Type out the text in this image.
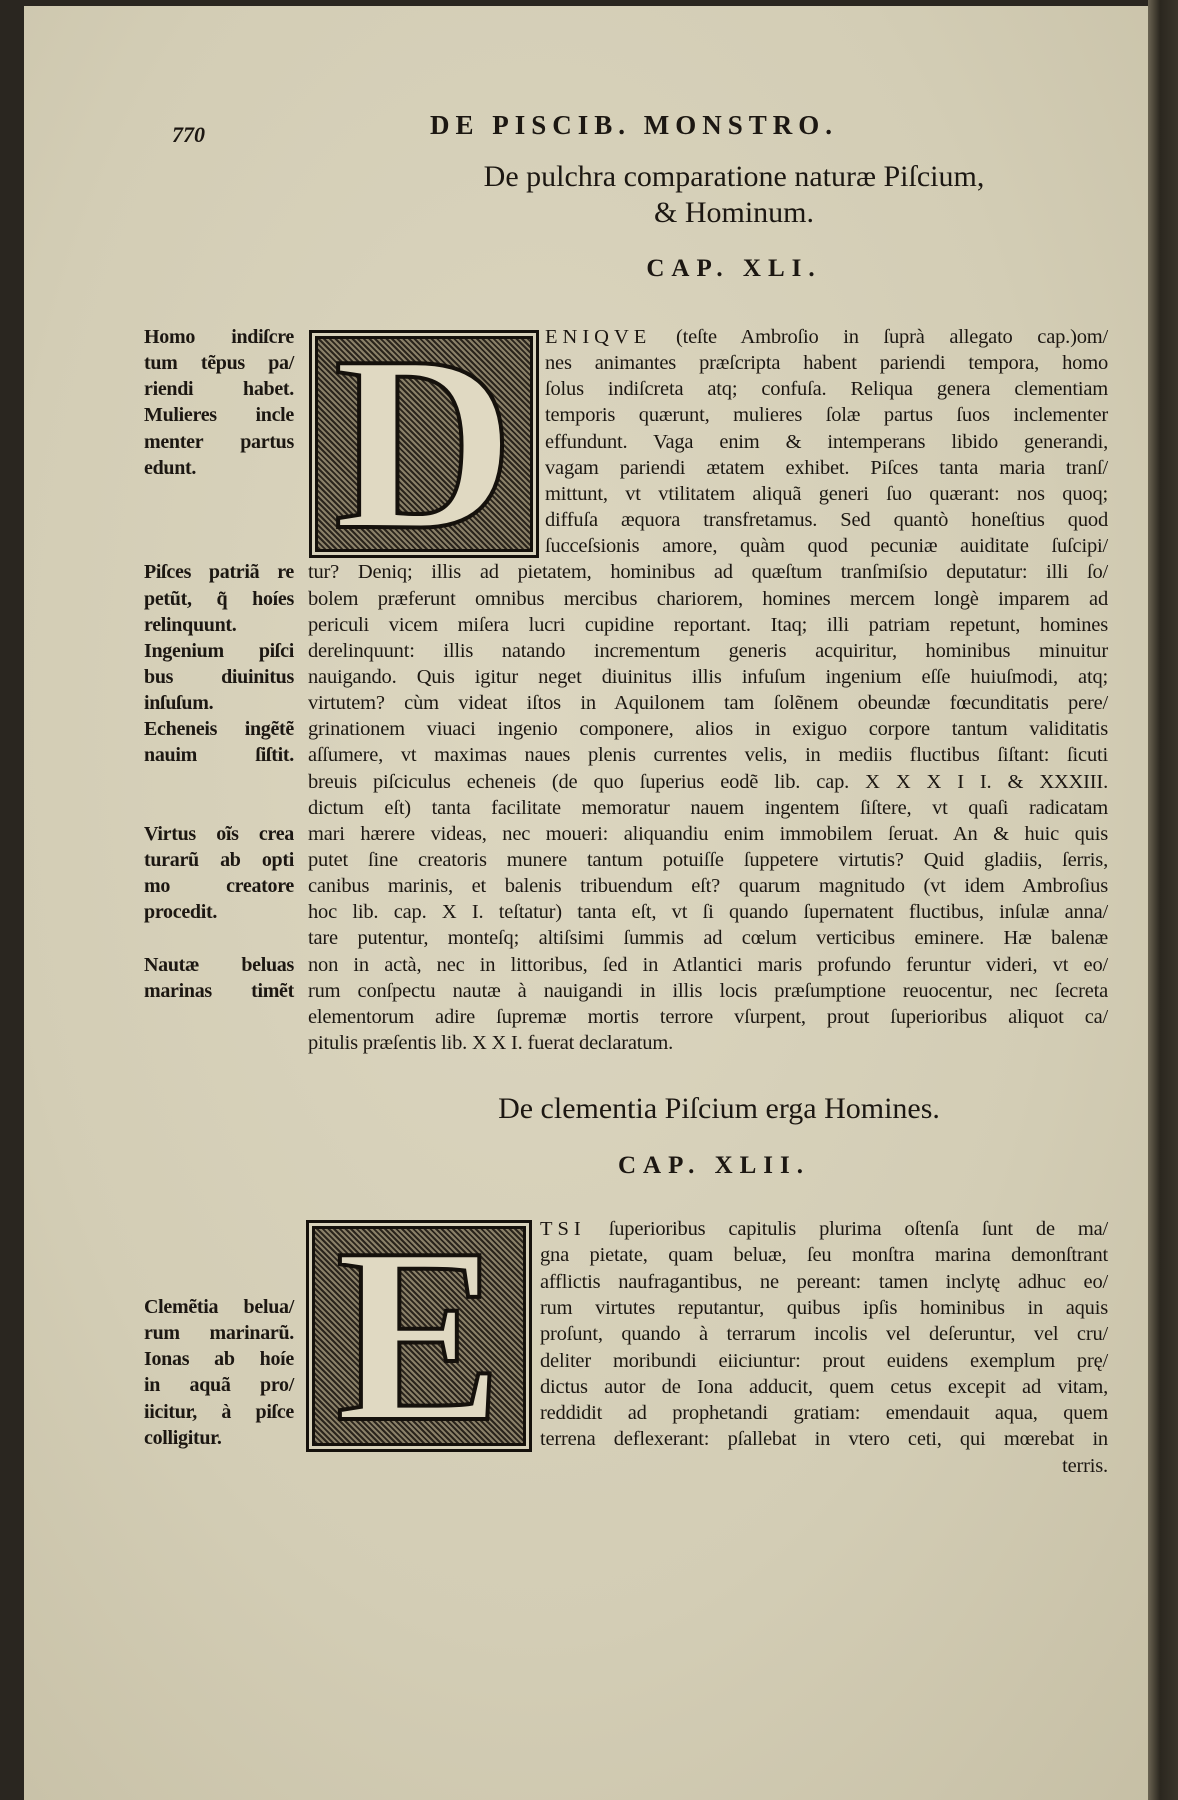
770	DE PISCIB. MONSTRO.
De pulchra comparatione naturæ Piſcium,
& Hominum.
CAP. XLI.
D	ENIQVE (teſte Ambroſio in ſuprà allegato cap.)om/
nes animantes præſcripta habent pariendi tempora, homo
ſolus indiſcreta atq; confuſa. Reliqua genera clementiam
temporis quærunt, mulieres ſolæ partus ſuos inclementer
effundunt. Vaga enim & intemperans libido generandi,
vagam pariendi ætatem exhibet. Piſces tanta maria tranſ/
mittunt, vt vtilitatem aliquã generi ſuo quærant: nos quoq;
diffuſa æquora transfretamus. Sed quantò honeſtius quod
ſucceſsionis amore, quàm quod pecuniæ auiditate ſuſcipi/
tur? Deniq; illis ad pietatem, hominibus ad quæſtum tranſmiſsio deputatur: illi ſo/
bolem præferunt omnibus mercibus chariorem, homines mercem longè imparem ad
periculi vicem miſera lucri cupidine reportant. Itaq; illi patriam repetunt, homines
derelinquunt: illis natando incrementum generis acquiritur, hominibus minuitur
nauigando. Quis igitur neget diuinitus illis infuſum ingenium eſſe huiuſmodi, atq;
virtutem? cùm videat iſtos in Aquilonem tam ſolẽnem obeundæ fœcunditatis pere/
grinationem viuaci ingenio componere, alios in exiguo corpore tantum validitatis
aſſumere, vt maximas naues plenis currentes velis, in mediis fluctibus ſiſtant: ſicuti
breuis piſciculus echeneis (de quo ſuperius eodẽ lib. cap. X X X I I. & XXXIII.
dictum eſt) tanta facilitate memoratur nauem ingentem ſiſtere, vt quaſi radicatam
mari hærere videas, nec moueri: aliquandiu enim immobilem ſeruat. An & huic quis
putet ſine creatoris munere tantum potuiſſe ſuppetere virtutis? Quid gladiis, ſerris,
canibus marinis, et balenis tribuendum eſt? quarum magnitudo (vt idem Ambroſius
hoc lib. cap. X I. teſtatur) tanta eſt, vt ſi quando ſupernatent fluctibus, inſulæ anna/
tare putentur, monteſq; altiſsimi ſummis ad cœlum verticibus eminere. Hæ balenæ
non in actà, nec in littoribus, ſed in Atlantici maris profundo feruntur videri, vt eo/
rum conſpectu nautæ à nauigandi in illis locis præſumptione reuocentur, nec ſecreta
elementorum adire ſupremæ mortis terrore vſurpent, prout ſuperioribus aliquot ca/
pitulis præſentis lib. X X I. fuerat declaratum.
De clementia Piſcium erga Homines.
CAP. XLII.
E	TSI ſuperioribus capitulis plurima oſtenſa ſunt de ma/
gna pietate, quam beluæ, ſeu monſtra marina demonſtrant
afflictis naufragantibus, ne pereant: tamen inclytę adhuc eo/
rum virtutes reputantur, quibus ipſis hominibus in aquis
proſunt, quando à terrarum incolis vel deſeruntur, vel cru/
deliter moribundi eiiciuntur: prout euidens exemplum prę/
dictus autor de Iona adducit, quem cetus excepit ad vitam,
reddidit ad prophetandi gratiam: emendauit aqua, quem
terrena deflexerant: pſallebat in vtero ceti, qui mœrebat in
terris.
Homo indiſcre
tum tẽpus pa/
riendi habet.
Mulieres incle
menter partus
edunt.
Piſces patriã re
petũt, q̃ hoíes
relinquunt.
Ingenium piſci
bus diuinitus
inſuſum.
Echeneis ingẽtẽ
nauim ſiſtit.
Virtus oĩs crea
turarũ ab opti
mo creatore
procedit.
Nautæ beluas
marinas timẽt
Clemẽtia belua/
rum marinarũ.
Ionas ab hoíe
in aquã pro/
iicitur, à piſce
colligitur.
